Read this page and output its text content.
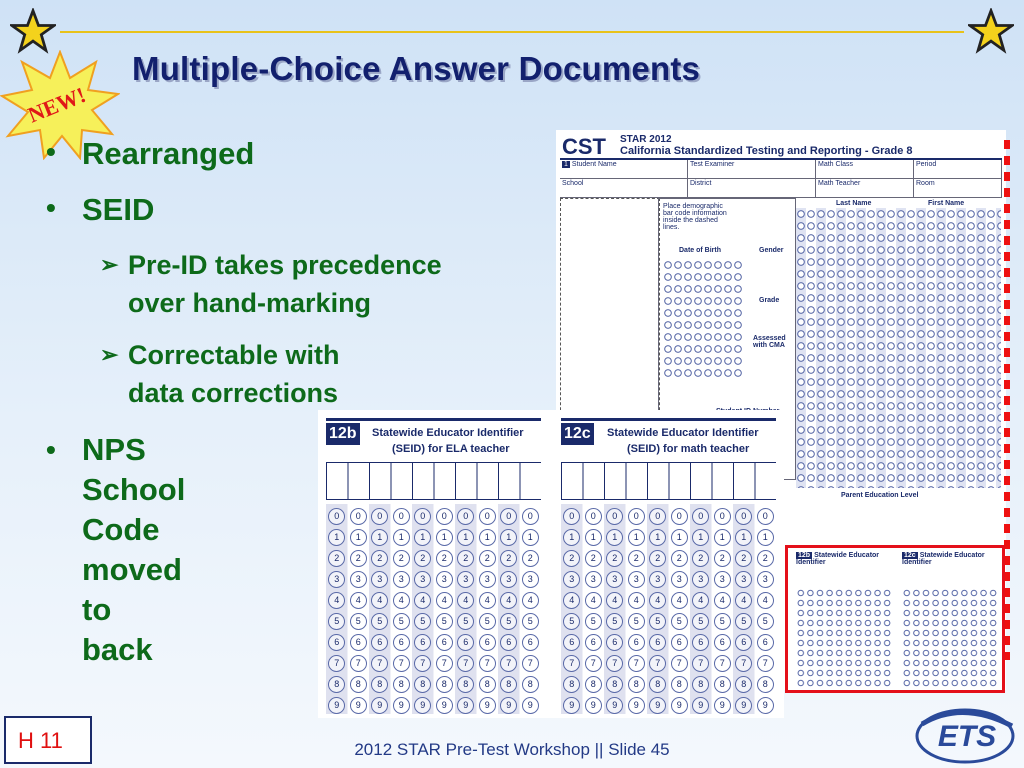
NEW!
Multiple-Choice Answer Documents
• Rearranged
• SEID
➢ Pre-ID takes precedence
over hand-marking
➢ Correctable with
data corrections
• NPS School
Code
moved to
back
CST STAR 2012
California Standardized Testing and Reporting - Grade 8
1 Student Name	Test Examiner	Math Class	Period
School	District	Math Teacher	Room
Place demographic bar code information inside the dashed lines.
Date of Birth	Gender
Grade
Assessed with CMA
Last Name	First Name
Parent Education Level
12b Statewide Educator Identifier
12c Statewide Educator Identifier
12b Statewide Educator Identifier
(SEID) for ELA teacher
0	0	0	0	0	0	0	0	0	0
1	1	1	1	1	1	1	1	1	1
2	2	2	2	2	2	2	2	2	2
3	3	3	3	3	3	3	3	3	3
4	4	4	4	4	4	4	4	4	4
5	5	5	5	5	5	5	5	5	5
6	6	6	6	6	6	6	6	6	6
7	7	7	7	7	7	7	7	7	7
8	8	8	8	8	8	8	8	8	8
9	9	9	9	9	9	9	9	9	9
12c Statewide Educator Identifier
(SEID) for math teacher
0	0	0	0	0	0	0	0	0	0
1	1	1	1	1	1	1	1	1	1
2	2	2	2	2	2	2	2	2	2
3	3	3	3	3	3	3	3	3	3
4	4	4	4	4	4	4	4	4	4
5	5	5	5	5	5	5	5	5	5
6	6	6	6	6	6	6	6	6	6
7	7	7	7	7	7	7	7	7	7
8	8	8	8	8	8	8	8	8	8
9	9	9	9	9	9	9	9	9	9
H 11	2012 STAR Pre-Test Workshop || Slide 45	ETS
